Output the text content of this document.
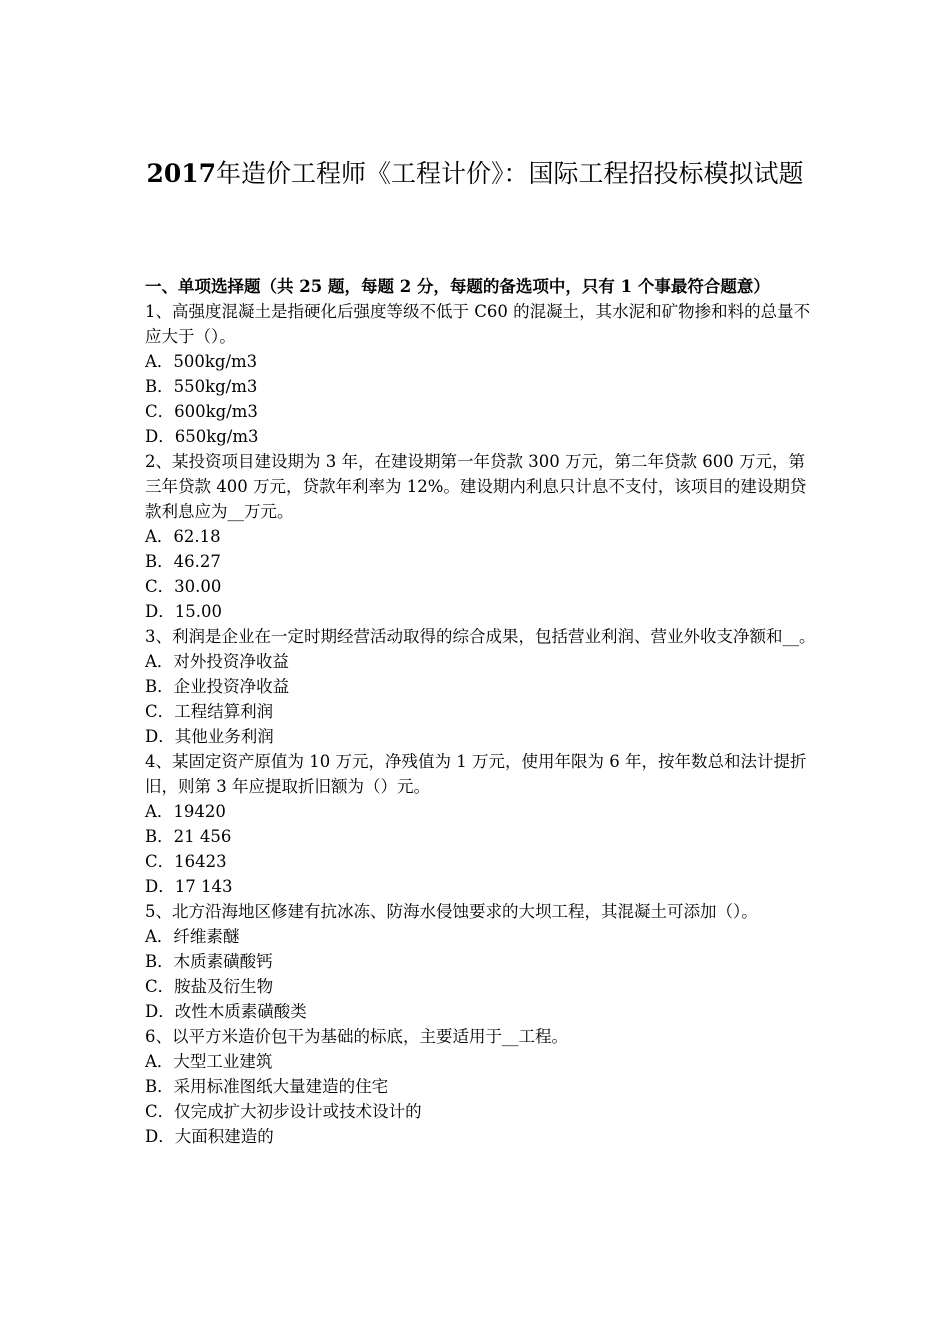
2017年造价工程师《工程计价》：国际工程招投标模拟试题

一、单项选择题（共 25 题，每题 2 分，每题的备选项中，只有 1 个事最符合题意）

1、高强度混凝土是指硬化后强度等级不低于 C60 的混凝土，其水泥和矿物掺和料的总量不应大于（）。

A．500kg/m3

B．550kg/m3

C．600kg/m3

D．650kg/m3

2、某投资项目建设期为 3 年，在建设期第一年贷款 300 万元，第二年贷款 600 万元，第三年贷款 400 万元，贷款年利率为 12%。建设期内利息只计息不支付，该项目的建设期贷款利息应为__万元。

A．62.18

B．46.27

C．30.00

D．15.00

3、利润是企业在一定时期经营活动取得的综合成果，包括营业利润、营业外收支净额和__。

A．对外投资净收益

B．企业投资净收益

C．工程结算利润

D．其他业务利润

4、某固定资产原值为 10 万元，净残值为 1 万元，使用年限为 6 年，按年数总和法计提折旧，则第 3 年应提取折旧额为（）元。

A．19420

B．21 456

C．16423

D．17 143

5、北方沿海地区修建有抗冰冻、防海水侵蚀要求的大坝工程，其混凝土可添加（）。

A．纤维素醚

B．木质素磺酸钙

C．胺盐及衍生物

D．改性木质素磺酸类

6、以平方米造价包干为基础的标底，主要适用于__工程。

A．大型工业建筑

B．采用标准图纸大量建造的住宅

C．仅完成扩大初步设计或技术设计的

D．大面积建造的
